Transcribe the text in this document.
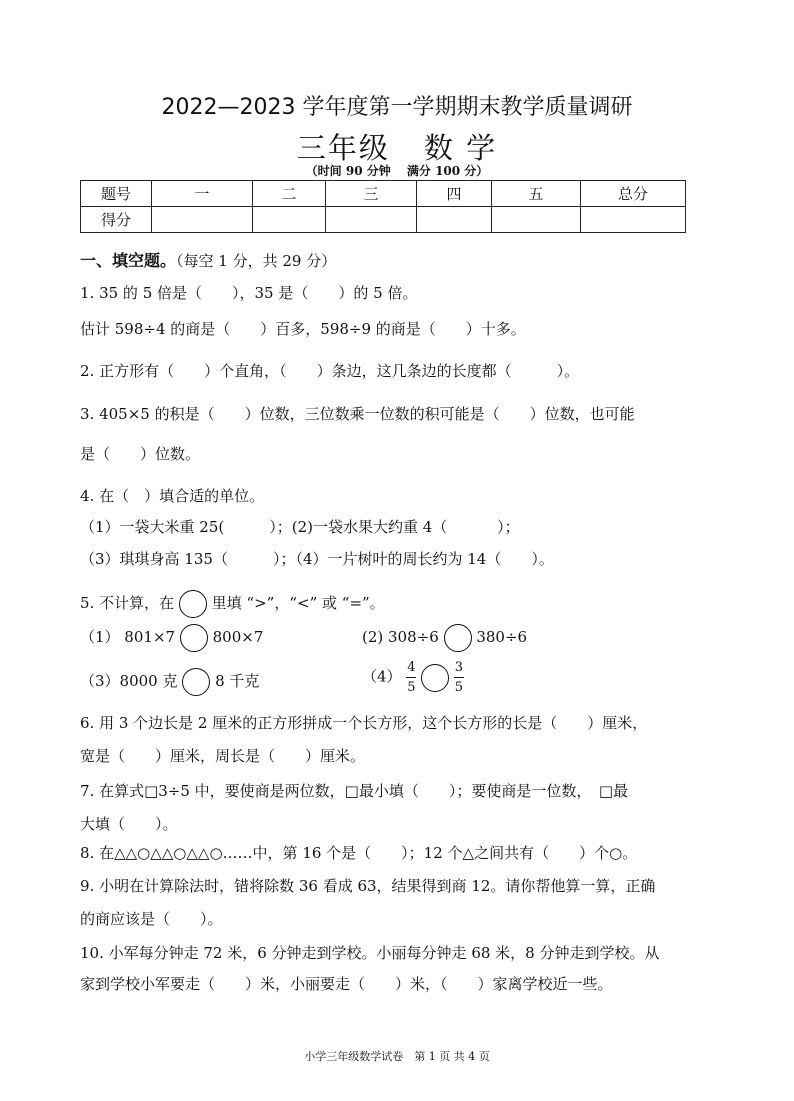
2022—2023 学年度第一学期期末教学质量调研
三年级 数 学
（时间 90 分钟　 满分 100 分）
题号	一	二	三	四	五	总分
得分						
一、填空题。（每空 1 分，共 29 分）
1. 35 的 5 倍是（　　），35 是（　　）的 5 倍。
估计 598÷4 的商是（　　）百多，598÷9 的商是（　　）十多。
2. 正方形有（　　）个直角，（　　）条边，这几条边的长度都（　　　）。
3. 405×5 的积是（　　）位数，三位数乘一位数的积可能是（　　）位数，也可能
是（　　）位数。
4. 在（　）填合适的单位。
（1）一袋大米重 25(　　　）；(2)一袋水果大约重 4（　　　 ）；
（3）琪琪身高 135（　　　）；（4）一片树叶的周长约为 14（　　）。
5. 不计算，在	里填 “>”，“<” 或 “=”。
（1） 801×7	800×7	(2) 308÷6	380÷6
（3）8000 克	8 千克	$(4) \frac{4}{5}$
	$\frac{3}{5}$
6. 用 3 个边长是 2 厘米的正方形拼成一个长方形，这个长方形的长是（　　）厘米，
宽是（　　）厘米，周长是（　　）厘米。
7. 在算式□3÷5 中，要使商是两位数，□最小填（　　）；要使商是一位数，　□最
大填（　　）。
8. 在△△○△△○△△○……中，第 16 个是（　　）；12 个△之间共有（　　）个○。
9. 小明在计算除法时，错将除数 36 看成 63，结果得到商 12。请你帮他算一算，正确
的商应该是（　　）。
10. 小军每分钟走 72 米，6 分钟走到学校。小丽每分钟走 68 米，8 分钟走到学校。从
家到学校小军要走（　　）米，小丽要走（　　）米，（　　）家离学校近一些。
小学三年级数学试卷　第 1 页 共 4 页
